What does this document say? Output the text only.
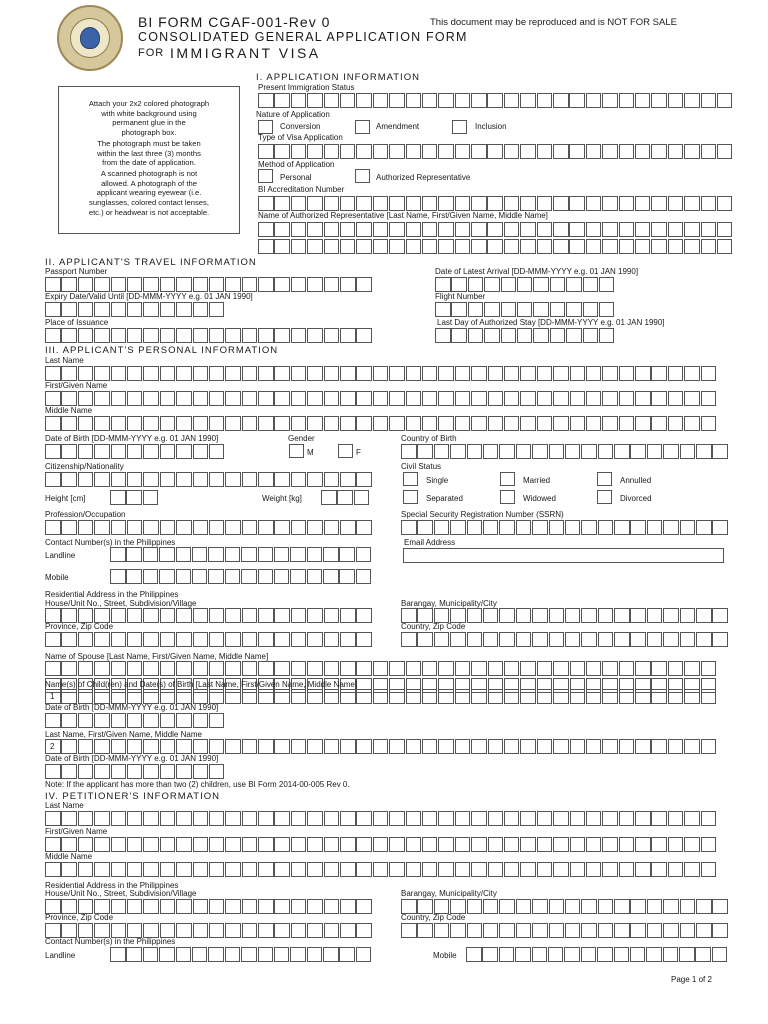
BI FORM CGAF-001-Rev 0	This document may be reproduced and is NOT FOR SALE
CONSOLIDATED GENERAL APPLICATION FORM
FOR IMMIGRANT VISA

Attach your 2x2 colored photograph
with white background using
permanent glue in the
photograph box.

The photograph must be taken
within the last three (3) months
from the date of application.

A scanned photograph is not
allowed. A photograph of the
applicant wearing eyewear (i.e.
sunglasses, colored contact lenses,
etc.) or headwear is not acceptable.

I. APPLICATION INFORMATION
Present Immigration Status
Nature of Application
Conversion	Amendment	Inclusion
Type of Visa Application
Method of Application
Personal	Authorized Representative
BI Accreditation Number
Name of Authorized Representative [Last Name, First/Given Name, Middle Name]
II. APPLICANT'S TRAVEL INFORMATION
Passport Number	Date of Latest Arrival [DD-MMM-YYYY e.g. 01 JAN 1990]
Expiry Date/Valid Until [DD-MMM-YYYY e.g. 01 JAN 1990]	Flight Number
Place of Issuance	Last Day of Authorized Stay [DD-MMM-YYYY e.g. 01 JAN 1990]
III. APPLICANT'S PERSONAL INFORMATION
Last Name
First/Given Name
Middle Name
Date of Birth [DD-MMM-YYYY e.g. 01 JAN 1990]	Gender	Country of Birth
M	F
Citizenship/Nationality	Civil Status
Single	Married	Annulled
Height [cm]	Weight [kg]	Separated	Widowed	Divorced
Profession/Occupation	Special Security Registration Number (SSRN)
Contact Number(s) in the Philippines	Email Address
Landline
Mobile
Residential Address in the Philippines
House/Unit No., Street, Subdivision/Village	Barangay, Municipality/City
Province, Zip Code	Country, Zip Code
Name of Spouse [Last Name, First/Given Name, Middle Name]
Name(s) of Child(ren) and Date(s) of Birth [Last Name, First/Given Name, Middle Name]
1
Date of Birth [DD-MMM-YYYY e.g. 01 JAN 1990]
Last Name, First/Given Name, Middle Name
2
Date of Birth [DD-MMM-YYYY e.g. 01 JAN 1990]
Note: If the applicant has more than two (2) children, use BI Form 2014-00-005 Rev 0.
IV. PETITIONER'S INFORMATION
Last Name
First/Given Name
Middle Name
Residential Address in the Philippines
House/Unit No., Street, Subdivision/Village	Barangay, Municipality/City
Province, Zip Code	Country, Zip Code
Contact Number(s) in the Philippines
Landline	Mobile
Page 1 of 2
